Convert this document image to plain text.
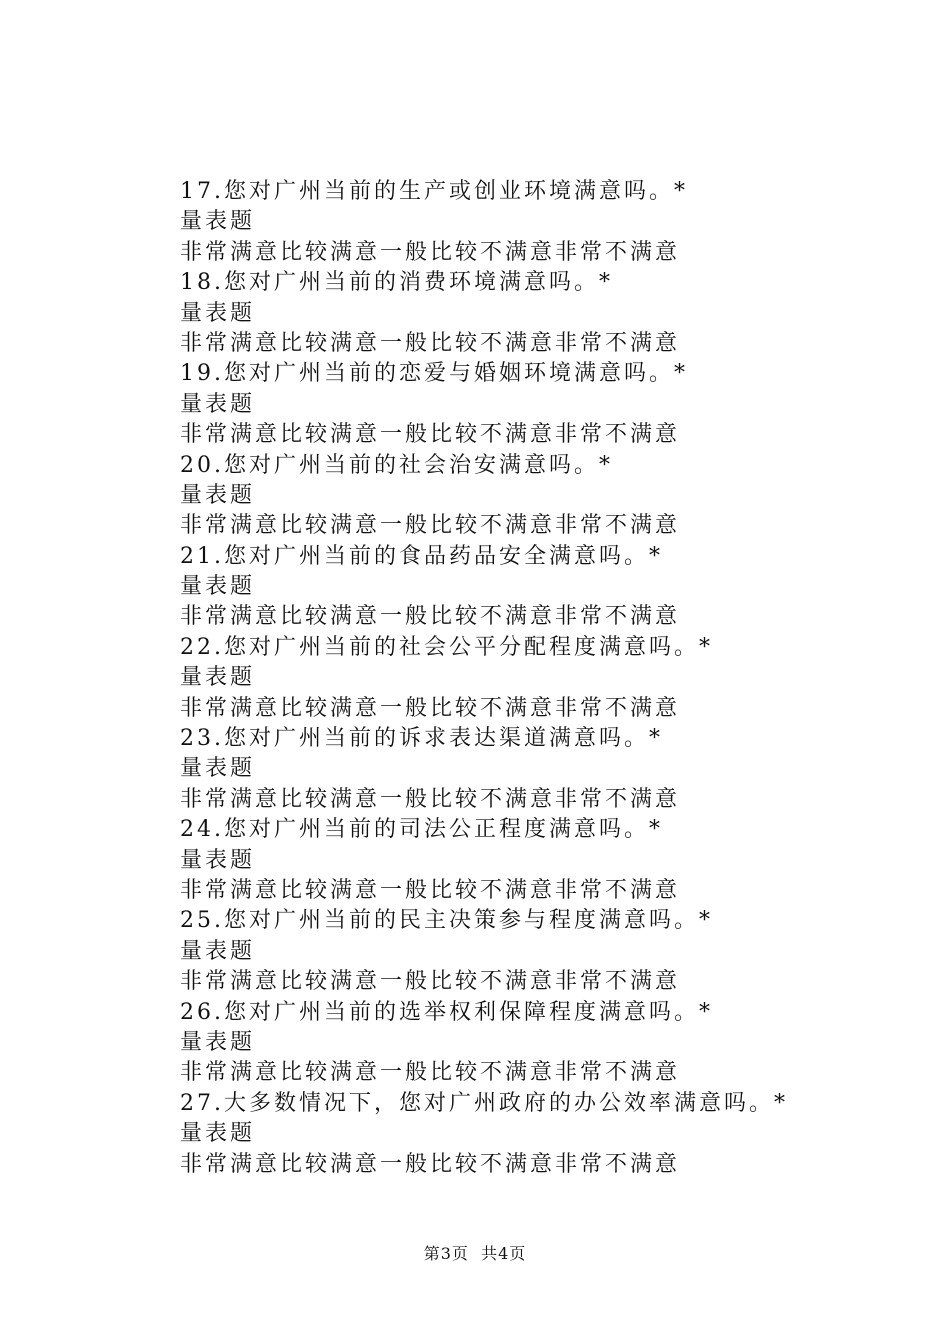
17.您对广州当前的生产或创业环境满意吗。*
量表题
非常满意比较满意一般比较不满意非常不满意
18.您对广州当前的消费环境满意吗。*
量表题
非常满意比较满意一般比较不满意非常不满意
19.您对广州当前的恋爱与婚姻环境满意吗。*
量表题
非常满意比较满意一般比较不满意非常不满意
20.您对广州当前的社会治安满意吗。*
量表题
非常满意比较满意一般比较不满意非常不满意
21.您对广州当前的食品药品安全满意吗。*
量表题
非常满意比较满意一般比较不满意非常不满意
22.您对广州当前的社会公平分配程度满意吗。*
量表题
非常满意比较满意一般比较不满意非常不满意
23.您对广州当前的诉求表达渠道满意吗。*
量表题
非常满意比较满意一般比较不满意非常不满意
24.您对广州当前的司法公正程度满意吗。*
量表题
非常满意比较满意一般比较不满意非常不满意
25.您对广州当前的民主决策参与程度满意吗。*
量表题
非常满意比较满意一般比较不满意非常不满意
26.您对广州当前的选举权利保障程度满意吗。*
量表题
非常满意比较满意一般比较不满意非常不满意
27.大多数情况下，您对广州政府的办公效率满意吗。*
量表题
非常满意比较满意一般比较不满意非常不满意
第3页  共4页
